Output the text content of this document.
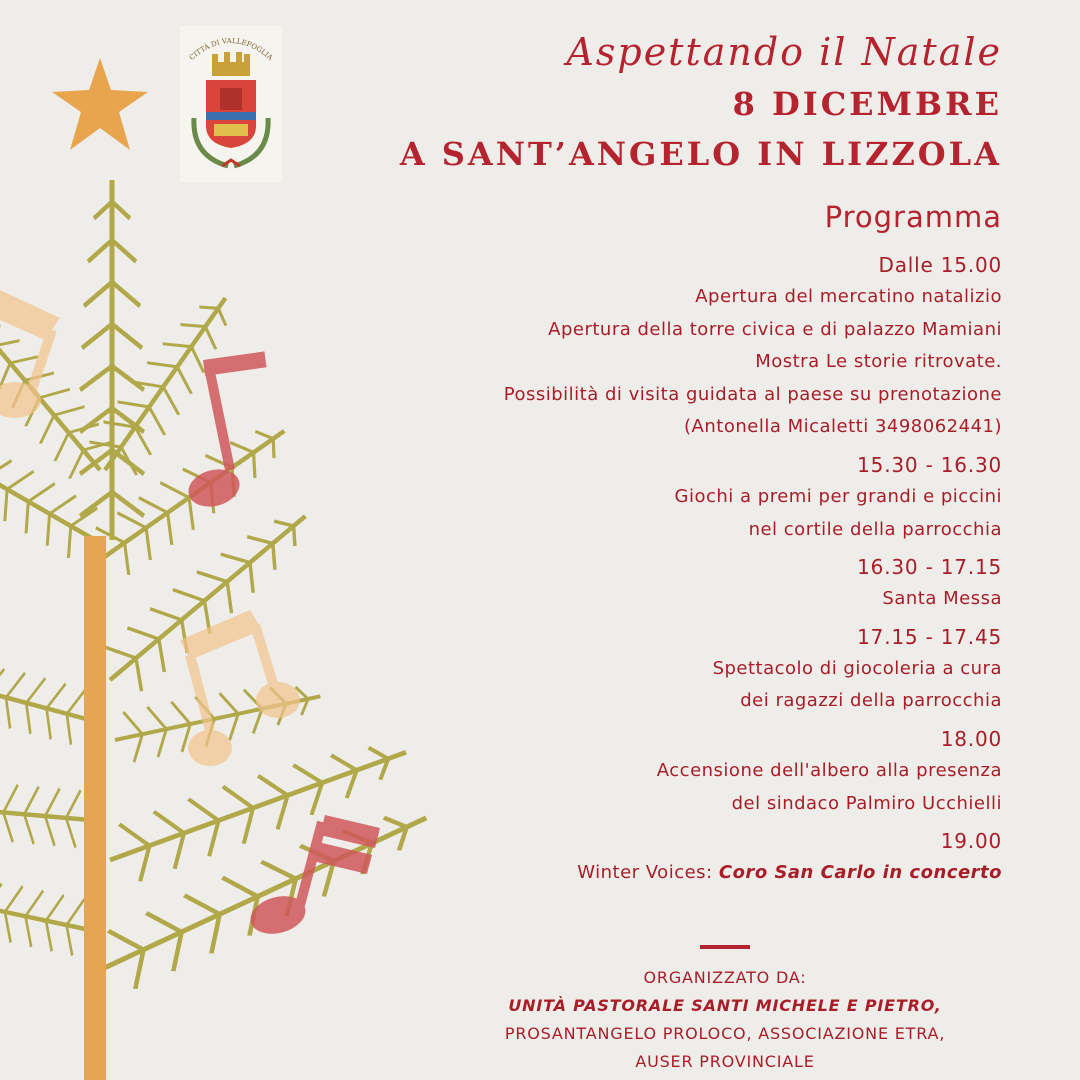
CITTÀ DI VALLEFOGLIA	Aspettando il Natale
8 DICEMBRE
A SANT’ANGELO IN LIZZOLA
Programma
Dalle 15.00
Apertura del mercatino natalizio
Apertura della torre civica e di palazzo Mamiani
Mostra Le storie ritrovate.
Possibilità di visita guidata al paese su prenotazione
(Antonella Micaletti 3498062441)
15.30 - 16.30
Giochi a premi per grandi e piccini
nel cortile della parrocchia
16.30 - 17.15
Santa Messa
17.15 - 17.45
Spettacolo di giocoleria a cura
dei ragazzi della parrocchia
18.00
Accensione dell'albero alla presenza
del sindaco Palmiro Ucchielli
19.00
Winter Voices: Coro San Carlo in concerto
ORGANIZZATO DA:
UNITÀ PASTORALE SANTI MICHELE E PIETRO,
PROSANTANGELO PROLOCO, ASSOCIAZIONE ETRA,
AUSER PROVINCIALE
